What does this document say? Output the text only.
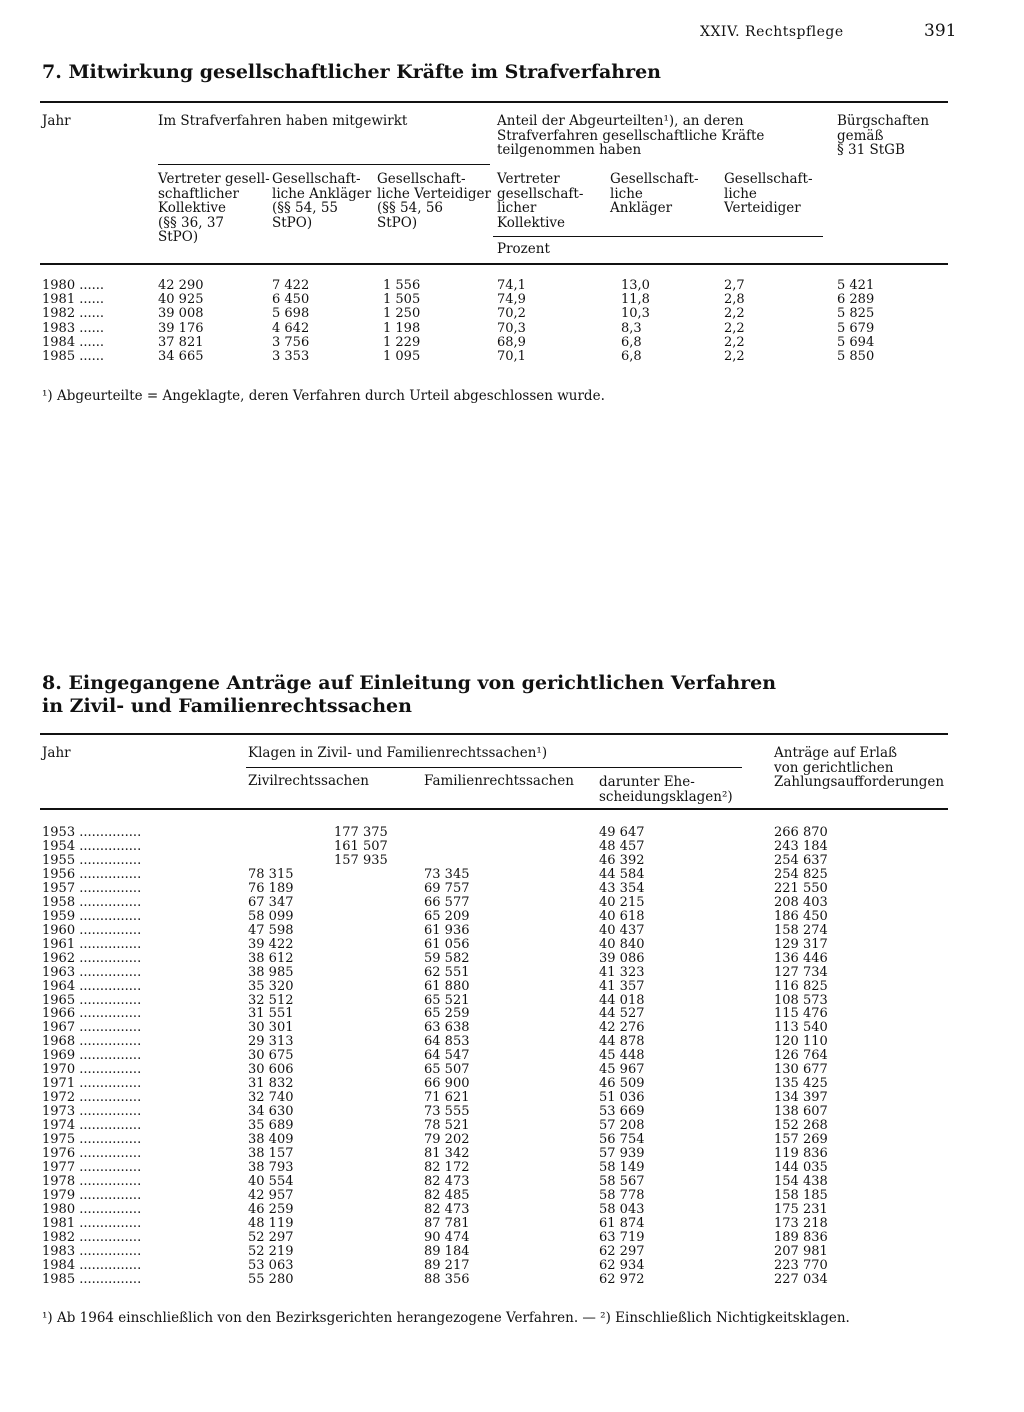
XXIV. Rechtspflege	391
7. Mitwirkung gesellschaftlicher Kräfte im Strafverfahren
Jahr	Im Strafverfahren haben mitgewirkt	Anteil der Abgeurteilten¹), an deren
Strafverfahren gesellschaftliche Kräfte
teilgenommen haben
Bürgschaften
gemäß
§ 31 StGB
Vertreter gesell-
schaftlicher
Kollektive
(§§ 36, 37
StPO)
Gesellschaft-
liche Ankläger
(§§ 54, 55
StPO)
Gesellschaft-
liche Verteidiger
(§§ 54, 56
StPO)
Vertreter
gesellschaft-
licher
Kollektive
Gesellschaft-
liche
Ankläger
Gesellschaft-
liche
Verteidiger
Prozent
1980 ......	42 290	7 422	1 556	74,1	13,0	2,7	5 421
1981 ......	40 925	6 450	1 505	74,9	11,8	2,8	6 289
1982 ......	39 008	5 698	1 250	70,2	10,3	2,2	5 825
1983 ......	39 176	4 642	1 198	70,3	8,3	2,2	5 679
1984 ......	37 821	3 756	1 229	68,9	6,8	2,2	5 694
1985 ......	34 665	3 353	1 095	70,1	6,8	2,2	5 850
¹) Abgeurteilte = Angeklagte, deren Verfahren durch Urteil abgeschlossen wurde.
8. Eingegangene Anträge auf Einleitung von gerichtlichen Verfahren
in Zivil- und Familienrechtssachen
Jahr	Klagen in Zivil- und Familienrechtssachen¹)	Anträge auf Erlaß
von gerichtlichen
Zahlungsaufforderungen
Zivilrechtssachen	Familienrechtssachen darunter Ehe-
scheidungsklagen²)
1953 ...............	177 375	49 647	266 870
1954 ...............	161 507	48 457	243 184
1955 ...............	157 935	46 392	254 637
1956 ...............	78 315	73 345	44 584	254 825
1957 ...............	76 189	69 757	43 354	221 550
1958 ...............	67 347	66 577	40 215	208 403
1959 ...............	58 099	65 209	40 618	186 450
1960 ...............	47 598	61 936	40 437	158 274
1961 ...............	39 422	61 056	40 840	129 317
1962 ...............	38 612	59 582	39 086	136 446
1963 ...............	38 985	62 551	41 323	127 734
1964 ...............	35 320	61 880	41 357	116 825
1965 ...............	32 512	65 521	44 018	108 573
1966 ...............	31 551	65 259	44 527	115 476
1967 ...............	30 301	63 638	42 276	113 540
1968 ...............	29 313	64 853	44 878	120 110
1969 ...............	30 675	64 547	45 448	126 764
1970 ...............	30 606	65 507	45 967	130 677
1971 ...............	31 832	66 900	46 509	135 425
1972 ...............	32 740	71 621	51 036	134 397
1973 ...............	34 630	73 555	53 669	138 607
1974 ...............	35 689	78 521	57 208	152 268
1975 ...............	38 409	79 202	56 754	157 269
1976 ...............	38 157	81 342	57 939	119 836
1977 ...............	38 793	82 172	58 149	144 035
1978 ...............	40 554	82 473	58 567	154 438
1979 ...............	42 957	82 485	58 778	158 185
1980 ...............	46 259	82 473	58 043	175 231
1981 ...............	48 119	87 781	61 874	173 218
1982 ...............	52 297	90 474	63 719	189 836
1983 ...............	52 219	89 184	62 297	207 981
1984 ...............	53 063	89 217	62 934	223 770
1985 ...............	55 280	88 356	62 972	227 034
¹) Ab 1964 einschließlich von den Bezirksgerichten herangezogene Verfahren. — ²) Einschließlich Nichtigkeitsklagen.
